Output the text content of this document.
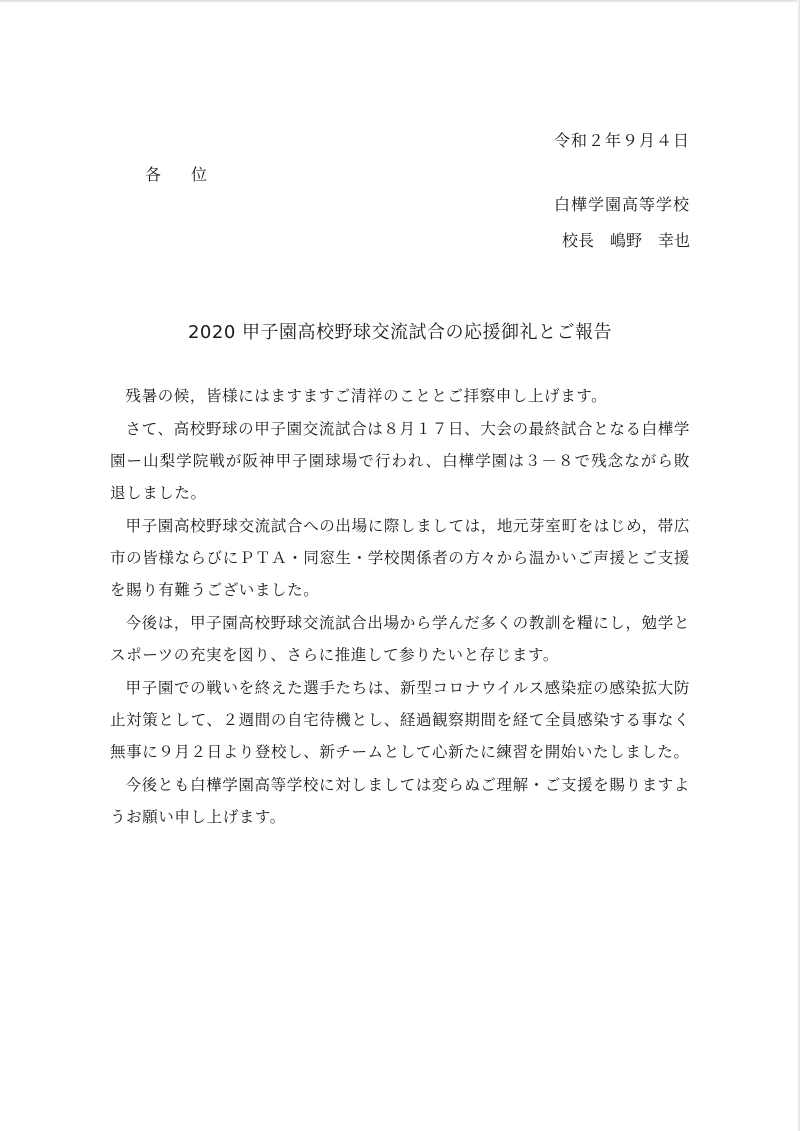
令和２年９月４日
各位
白樺学園高等学校
校長　嶋野　幸也
2020 甲子園高校野球交流試合の応援御礼とご報告

残暑の候，皆様にはますますご清祥のこととご拝察申し上げます。

さて、高校野球の甲子園交流試合は８月１７日、大会の最終試合となる白樺学園ー山梨学院戦が阪神甲子園球場で行われ、白樺学園は３－８で残念ながら敗退しました。

甲子園高校野球交流試合への出場に際しましては，地元芽室町をはじめ，帯広市の皆様ならびにＰＴＡ・同窓生・学校関係者の方々から温かいご声援とご支援を賜り有難うございました。

今後は，甲子園高校野球交流試合出場から学んだ多くの教訓を糧にし，勉学とスポーツの充実を図り、さらに推進して参りたいと存じます。

甲子園での戦いを終えた選手たちは、新型コロナウイルス感染症の感染拡大防止対策として、２週間の自宅待機とし、経過観察期間を経て全員感染する事なく無事に９月２日より登校し、新チームとして心新たに練習を開始いたしました。

今後とも白樺学園高等学校に対しましては変らぬご理解・ご支援を賜りますようお願い申し上げます。
